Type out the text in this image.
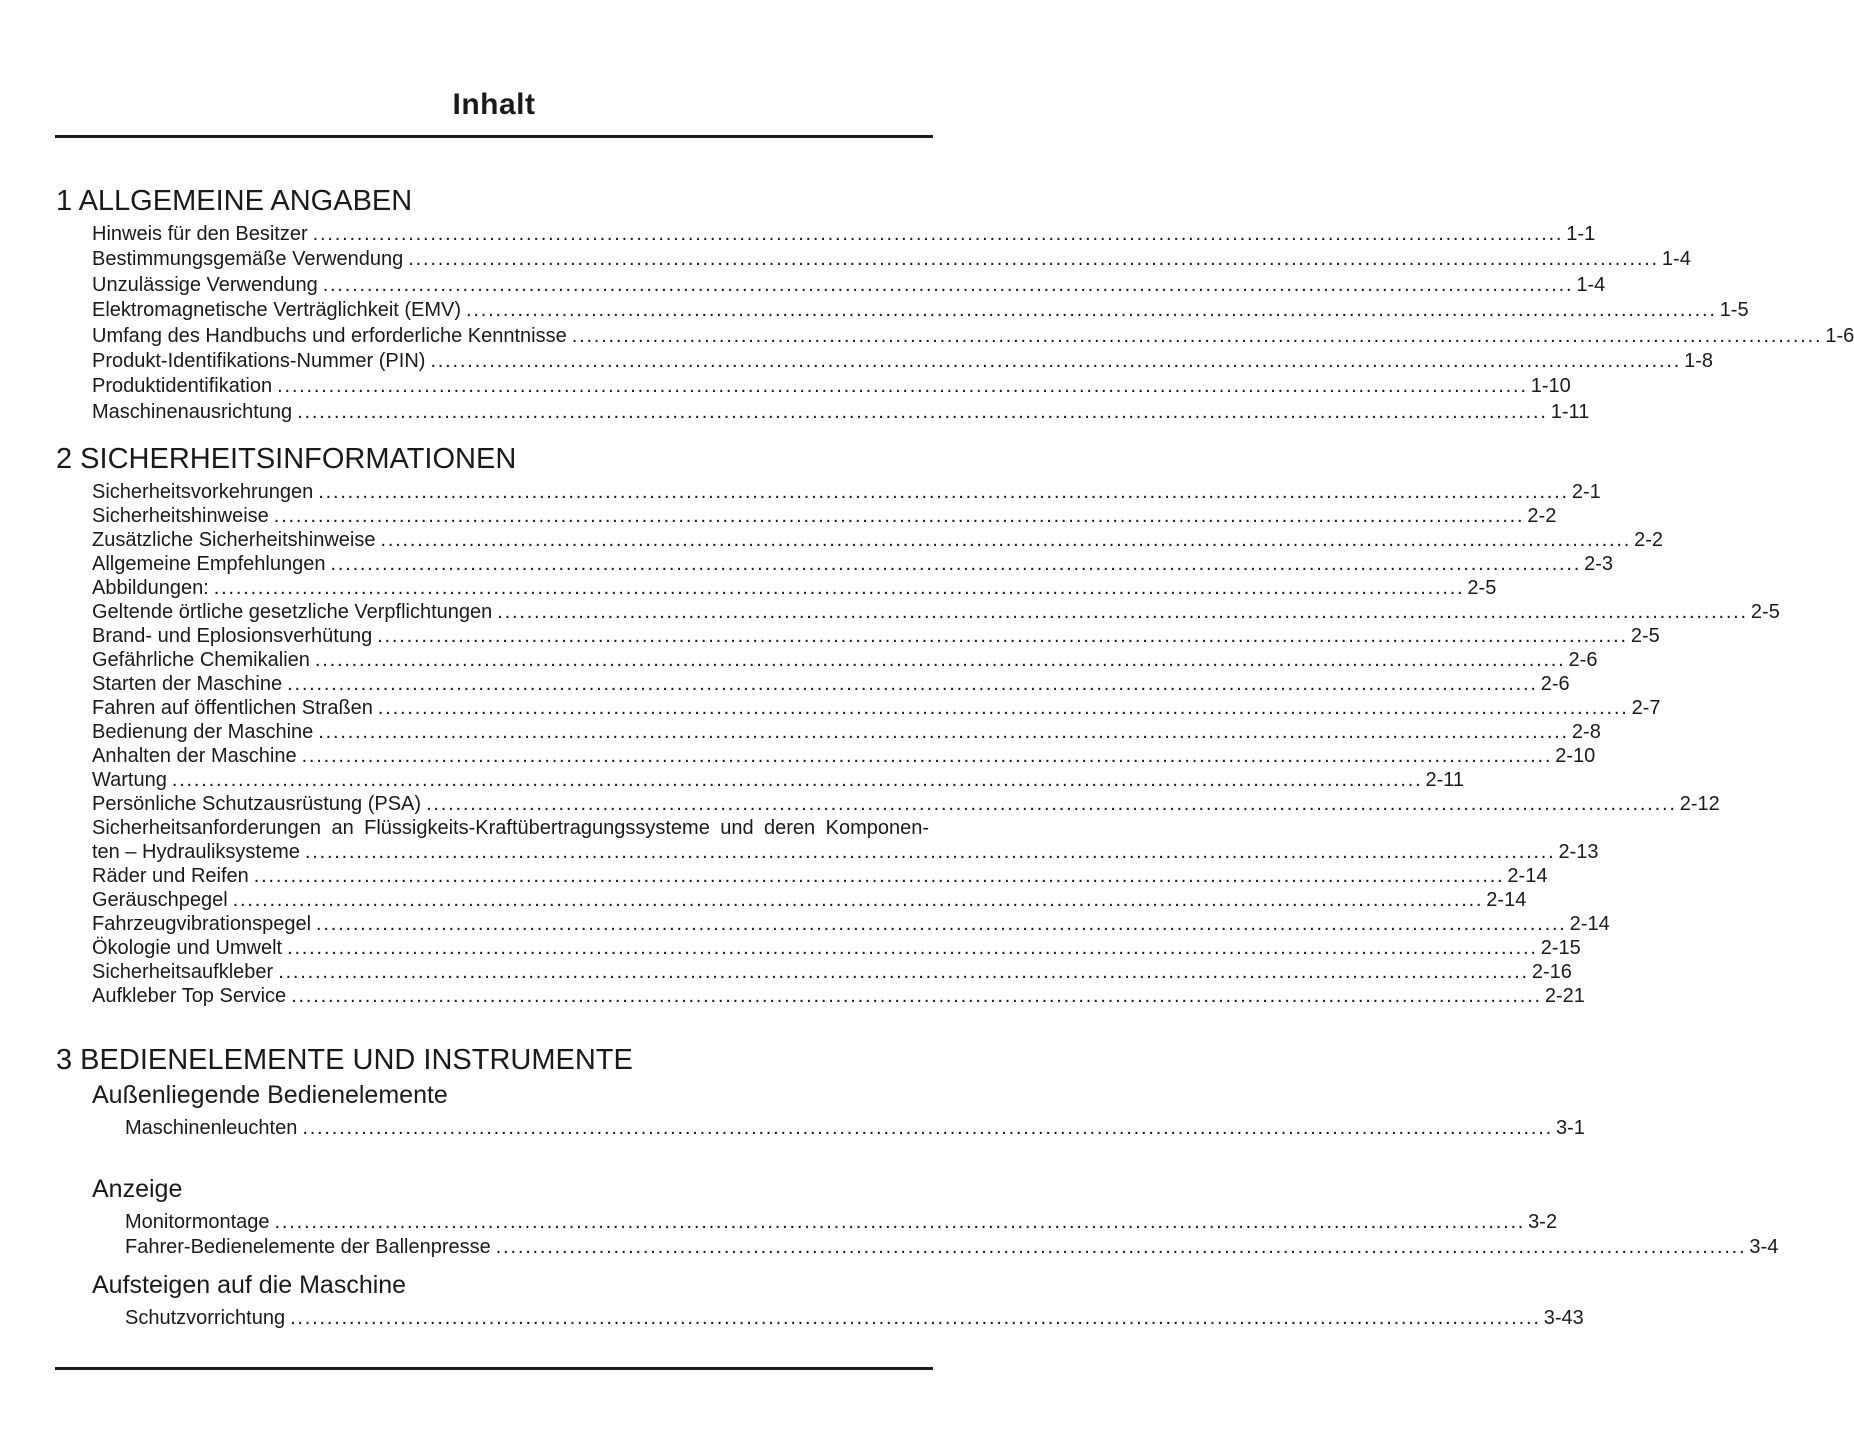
Inhalt
1 ALLGEMEINE ANGABEN
Hinweis für den Besitzer .......................................................................................................................................................................... 1-1
Bestimmungsgemäße Verwendung .......................................................................................................................................................................... 1-4
Unzulässige Verwendung .......................................................................................................................................................................... 1-4
Elektromagnetische Verträglichkeit (EMV) .......................................................................................................................................................................... 1-5
Umfang des Handbuchs und erforderliche Kenntnisse .......................................................................................................................................................................... 1-6
Produkt-Identifikations-Nummer (PIN) .......................................................................................................................................................................... 1-8
Produktidentifikation .......................................................................................................................................................................... 1-10
Maschinenausrichtung .......................................................................................................................................................................... 1-11
2 SICHERHEITSINFORMATIONEN
Sicherheitsvorkehrungen .......................................................................................................................................................................... 2-1
Sicherheitshinweise .......................................................................................................................................................................... 2-2
Zusätzliche Sicherheitshinweise .......................................................................................................................................................................... 2-2
Allgemeine Empfehlungen .......................................................................................................................................................................... 2-3
Abbildungen: .......................................................................................................................................................................... 2-5
Geltende örtliche gesetzliche Verpflichtungen .......................................................................................................................................................................... 2-5
Brand- und Eplosionsverhütung .......................................................................................................................................................................... 2-5
Gefährliche Chemikalien .......................................................................................................................................................................... 2-6
Starten der Maschine .......................................................................................................................................................................... 2-6
Fahren auf öffentlichen Straßen .......................................................................................................................................................................... 2-7
Bedienung der Maschine .......................................................................................................................................................................... 2-8
Anhalten der Maschine .......................................................................................................................................................................... 2-10
Wartung .......................................................................................................................................................................... 2-11
Persönliche Schutzausrüstung (PSA) .......................................................................................................................................................................... 2-12
Sicherheitsanforderungen an Flüssigkeits-Kraftübertragungssysteme und deren Komponen-
ten – Hydrauliksysteme .......................................................................................................................................................................... 2-13
Räder und Reifen .......................................................................................................................................................................... 2-14
Geräuschpegel .......................................................................................................................................................................... 2-14
Fahrzeugvibrationspegel .......................................................................................................................................................................... 2-14
Ökologie und Umwelt .......................................................................................................................................................................... 2-15
Sicherheitsaufkleber .......................................................................................................................................................................... 2-16
Aufkleber Top Service .......................................................................................................................................................................... 2-21
3 BEDIENELEMENTE UND INSTRUMENTE
Außenliegende Bedienelemente
Maschinenleuchten .......................................................................................................................................................................... 3-1
Anzeige
Monitormontage .......................................................................................................................................................................... 3-2
Fahrer-Bedienelemente der Ballenpresse .......................................................................................................................................................................... 3-4
Aufsteigen auf die Maschine
Schutzvorrichtung .......................................................................................................................................................................... 3-43
